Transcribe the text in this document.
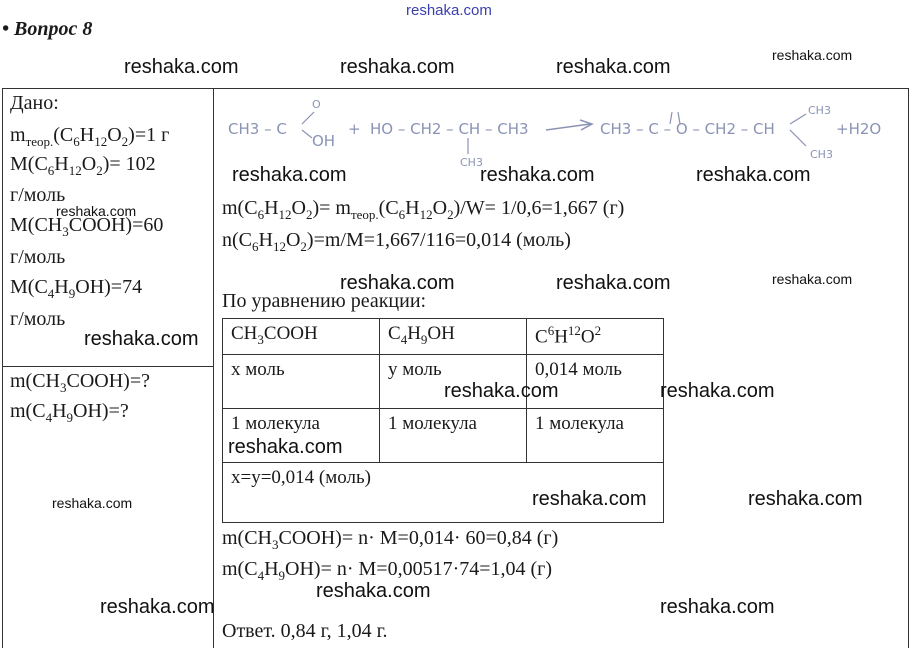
reshaka.com
• Вопрос 8
Дано:
$m_{теор.}(C_6H_{12}O_2)=1$ г
$M(C_6H_{12}O_2)= 102$
г/моль
$M(CH_3COOH)=60$
г/моль
$M(C_4H_9OH)=74$
г/моль
$m(CH_3COOH)=$?
$m(C_4H_9OH)=$?
CH3 – C
O
OH
+ HO – CH2 – CH – CH3
CH3
CH3 – C – O – CH2 – CH
CH3
CH3
+H2O
$m(C_6H_{12}O_2)= m_{теор.}(C_6H_{12}O_2)/W= 1/0,6=1,667$ (г)
$n(C_6H_{12}O_2)=m/M=1,667/116=0,014$ (моль)
По уравнению реакции:
$CH_3COOH$	$C_4H_9OH$	$C^6H^{12}O^2$
х моль	у моль	0,014 моль
1 молекула	1 молекула	1 молекула
х=у=0,014 (моль)		
$m(CH_3COOH)= n\cdot M=0,014\cdot 60=0,84$ (г)
$m(C_4H_9OH)= n\cdot M=0,00517\cdot 74=1,04$ (г)
Ответ. 0,84 г, 1,04 г.
reshaka.com	reshaka.com	reshaka.com
reshaka.com
reshaka.com	reshaka.com	reshaka.com
reshaka.com
reshaka.com	reshaka.com	reshaka.com
reshaka.com
reshaka.com	reshaka.com
reshaka.com
reshaka.com	reshaka.com
reshaka.com
reshaka.com
reshaka.com	reshaka.com
